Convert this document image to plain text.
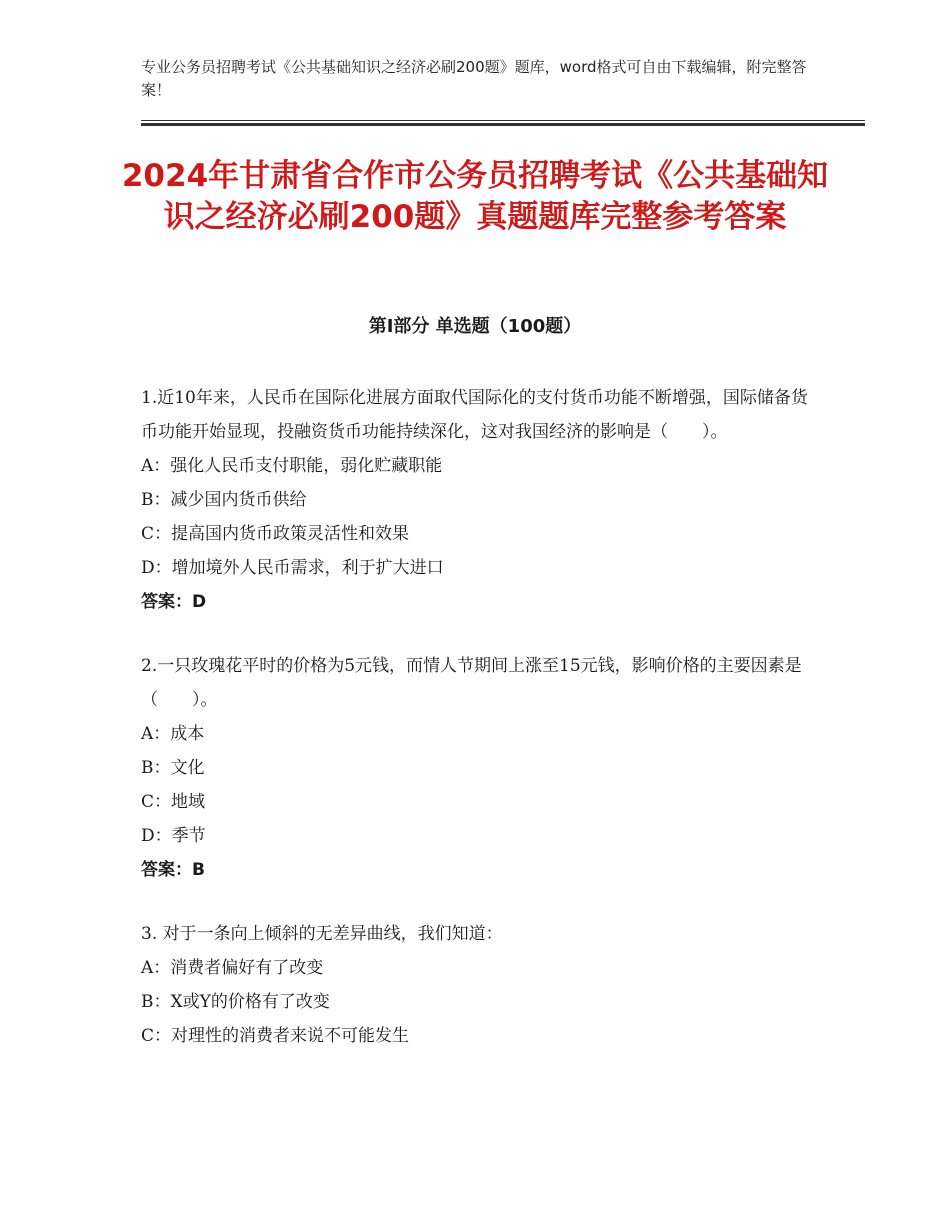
专业公务员招聘考试《公共基础知识之经济必刷200题》题库，word格式可自由下载编辑，附完整答案！
2024年甘肃省合作市公务员招聘考试《公共基础知识之经济必刷200题》真题题库完整参考答案
第I部分 单选题（100题）

1.近10年来，人民币在国际化进展方面取代国际化的支付货币功能不断增强，国际储备货币功能开始显现，投融资货币功能持续深化，这对我国经济的影响是（　　）。

A：强化人民币支付职能，弱化贮藏职能

B：减少国内货币供给

C：提高国内货币政策灵活性和效果

D：增加境外人民币需求，利于扩大进口

答案：D

2.一只玫瑰花平时的价格为5元钱，而情人节期间上涨至15元钱，影响价格的主要因素是（　　）。

A：成本

B：文化

C：地域

D：季节

答案：B

3. 对于一条向上倾斜的无差异曲线，我们知道：

A：消费者偏好有了改变

B：X或Y的价格有了改变

C：对理性的消费者来说不可能发生
